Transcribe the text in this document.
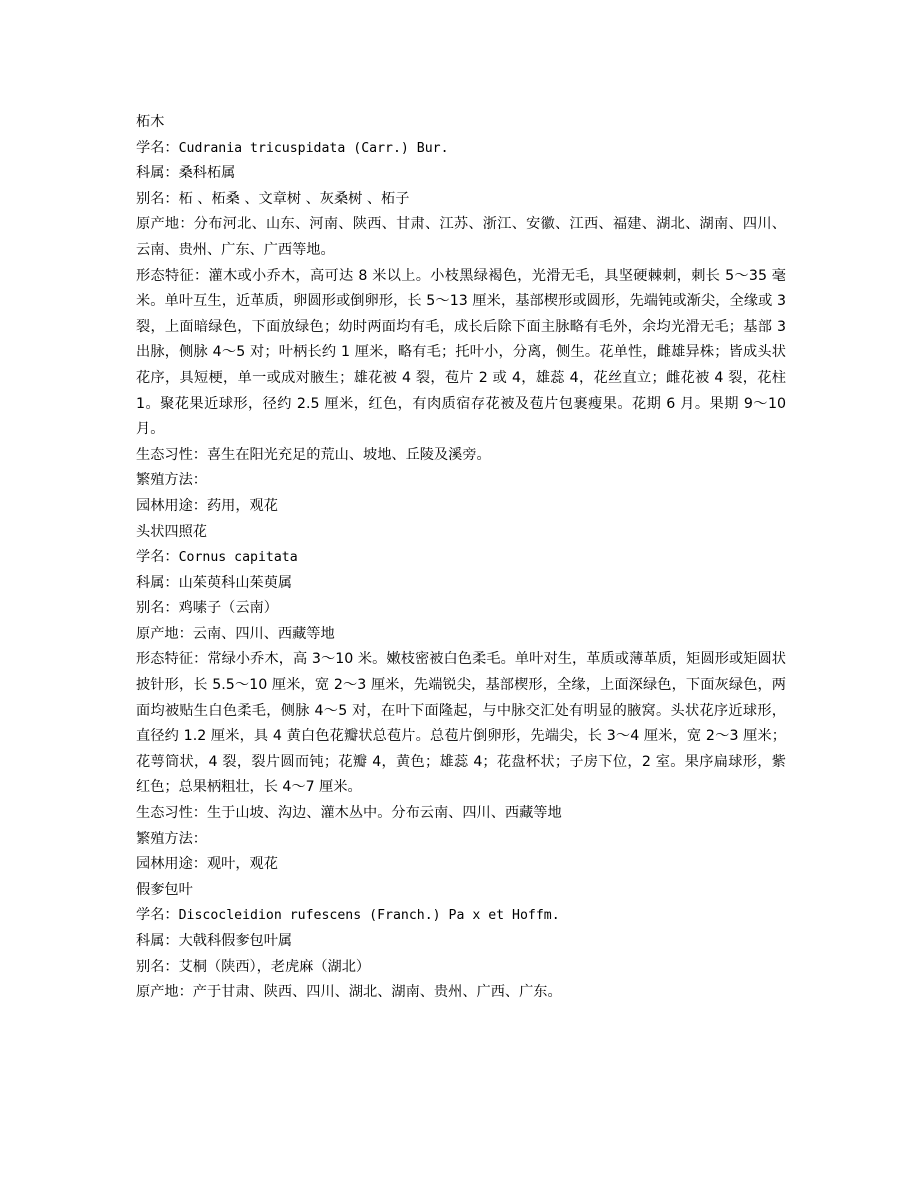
柘木

学名：Cudrania tricuspidata (Carr.) Bur.

科属：桑科柘属

别名：柘 、柘桑 、文章树 、灰桑树 、柘子

原产地：分布河北、山东、河南、陕西、甘肃、江苏、浙江、安徽、江西、福建、湖北、湖南、四川、云南、贵州、广东、广西等地。

形态特征：灌木或小乔木，高可达 8 米以上。小枝黑绿褐色，光滑无毛，具坚硬棘刺，刺长 5～35 毫米。单叶互生，近革质，卵圆形或倒卵形，长 5～13 厘米，基部楔形或圆形，先端钝或渐尖，全缘或 3 裂，上面暗绿色，下面放绿色；幼时两面均有毛，成长后除下面主脉略有毛外，余均光滑无毛；基部 3 出脉，侧脉 4～5 对；叶柄长约 1 厘米，略有毛；托叶小，分离，侧生。花单性，雌雄异株；皆成头状花序，具短梗，单一或成对腋生；雄花被 4 裂，苞片 2 或 4，雄蕊 4，花丝直立；雌花被 4 裂，花柱 1。聚花果近球形，径约 2.5 厘米，红色，有肉质宿存花被及苞片包裹瘦果。花期 6 月。果期 9～10 月。

生态习性：喜生在阳光充足的荒山、坡地、丘陵及溪旁。

繁殖方法：

园林用途：药用，观花

头状四照花

学名：Cornus capitata

科属：山茱萸科山茱萸属

别名：鸡嗉子（云南）

原产地：云南、四川、西藏等地

形态特征：常绿小乔木，高 3～10 米。嫩枝密被白色柔毛。单叶对生，革质或薄革质，矩圆形或矩圆状披针形，长 5.5～10 厘米，宽 2～3 厘米，先端锐尖，基部楔形，全缘，上面深绿色，下面灰绿色，两面均被贴生白色柔毛，侧脉 4～5 对，在叶下面隆起，与中脉交汇处有明显的腋窝。头状花序近球形，直径约 1.2 厘米，具 4 黄白色花瓣状总苞片。总苞片倒卵形，先端尖，长 3～4 厘米，宽 2～3 厘米；花萼筒状，4 裂，裂片圆而钝；花瓣 4，黄色；雄蕊 4；花盘杯状；子房下位，2 室。果序扁球形，紫红色；总果柄粗壮，长 4～7 厘米。

生态习性：生于山坡、沟边、灌木丛中。分布云南、四川、西藏等地

繁殖方法：

园林用途：观叶，观花

假奓包叶

学名：Discocleidion rufescens (Franch.) Pa x et Hoffm.

科属：大戟科假奓包叶属

别名：艾桐（陕西），老虎麻（湖北）

原产地：产于甘肃、陕西、四川、湖北、湖南、贵州、广西、广东。
